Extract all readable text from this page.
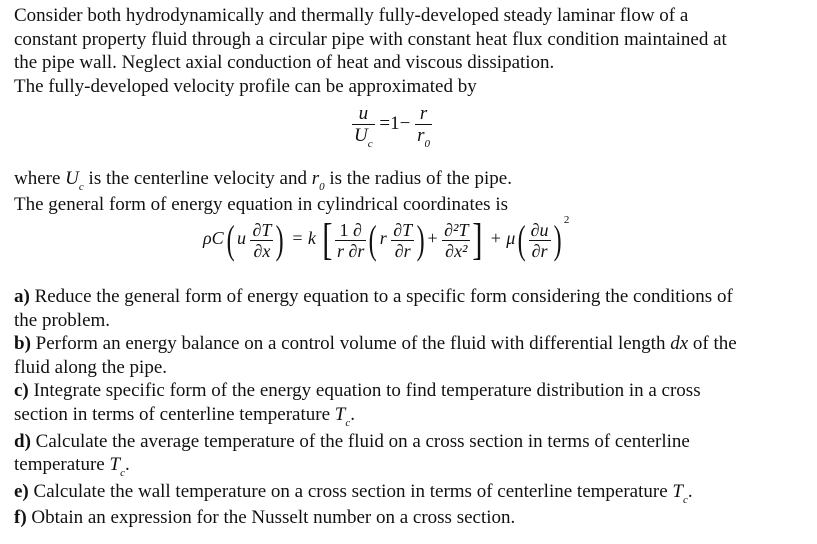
Consider both hydrodynamically and thermally fully-developed steady laminar flow of a

constant property fluid through a circular pipe with constant heat flux condition maintained at

the pipe wall. Neglect axial conduction of heat and viscous dissipation.

The fully-developed velocity profile can be approximated by

$\frac{u}{U_c} =1- \frac{r}{r_0}$
where $U_c$ is the centerline velocity and $r_0$ is the radius of the pipe.
The general form of energy equation in cylindrical coordinates is
ρC( u $\frac{\partial T}{\partial x}$ ) = k [ $\frac{1 \partial}{r \partial r}$ ( r $\frac{\partial T}{\partial r}$ ) + $\frac{\text{∂²T}}{\text{∂x²}}$ ] + $\mu( \frac{\partial u}{\partial r}$ ) $^2$

a) Reduce the general form of energy equation to a specific form considering the conditions of

the problem.

b) Perform an energy balance on a control volume of the fluid with differential length dx of the

fluid along the pipe.

c) Integrate specific form of the energy equation to find temperature distribution in a cross

section in terms of centerline temperature $T_c$.

d) Calculate the average temperature of the fluid on a cross section in terms of centerline

temperature $T_c$.

e) Calculate the wall temperature on a cross section in terms of centerline temperature $T_c$.

f) Obtain an expression for the Nusselt number on a cross section.
